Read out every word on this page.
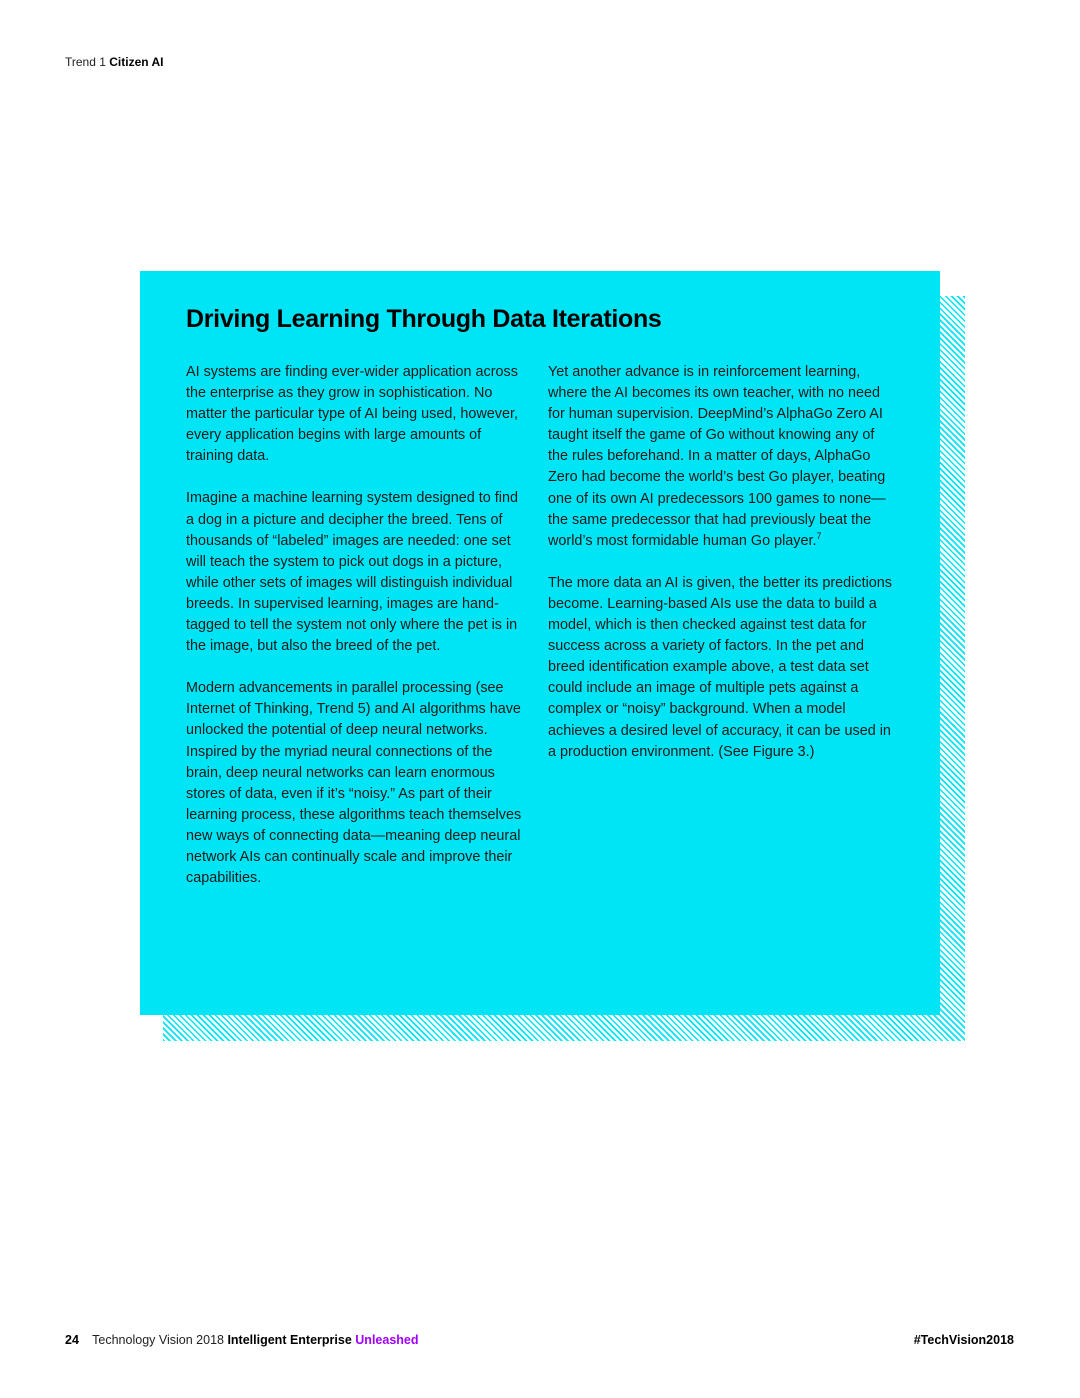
Trend 1 Citizen AI
Driving Learning Through Data Iterations

AI systems are finding ever-wider application across the enterprise as they grow in sophistication. No matter the particular type of AI being used, however, every application begins with large amounts of training data.

Imagine a machine learning system designed to find a dog in a picture and decipher the breed. Tens of thousands of “labeled” images are needed: one set will teach the system to pick out dogs in a picture, while other sets of images will distinguish individual breeds. In supervised learning, images are hand-tagged to tell the system not only where the pet is in the image, but also the breed of the pet.

Modern advancements in parallel processing (see Internet of Thinking, Trend 5) and AI algorithms have unlocked the potential of deep neural networks. Inspired by the myriad neural connections of the brain, deep neural networks can learn enormous stores of data, even if it’s “noisy.” As part of their learning process, these algorithms teach themselves new ways of connecting data—meaning deep neural network AIs can continually scale and improve their capabilities.

Yet another advance is in reinforcement learning, where the AI becomes its own teacher, with no need for human supervision. DeepMind’s AlphaGo Zero AI taught itself the game of Go without knowing any of the rules beforehand. In a matter of days, AlphaGo Zero had become the world’s best Go player, beating one of its own AI predecessors 100 games to none—the same predecessor that had previously beat the world’s most formidable human Go player.$^7$

The more data an AI is given, the better its predictions become. Learning-based AIs use the data to build a model, which is then checked against test data for success across a variety of factors. In the pet and breed identification example above, a test data set could include an image of multiple pets against a complex or “noisy” background. When a model achieves a desired level of accuracy, it can be used in a production environment. (See Figure 3.)

24 Technology Vision 2018 Intelligent Enterprise Unleashed	#TechVision2018
